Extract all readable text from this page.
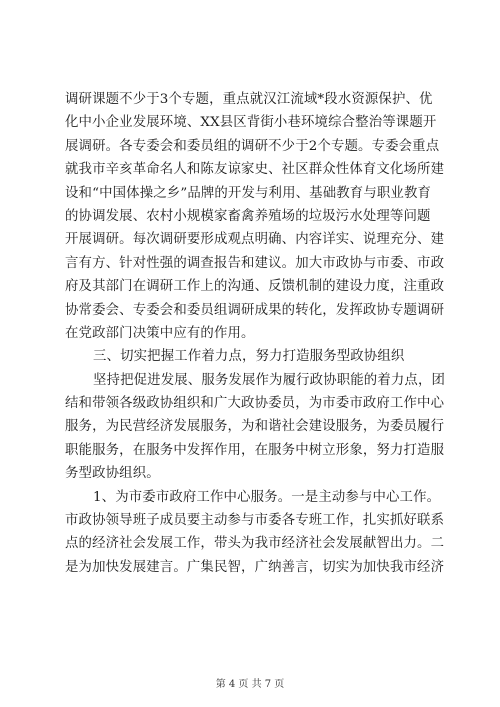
调研课题不少于3个专题，重点就汉江流域*段水资源保护、优
化中小企业发展环境、XX县区背街小巷环境综合整治等课题开
展调研。各专委会和委员组的调研不少于2个专题。专委会重点
就我市辛亥革命名人和陈友谅家史、社区群众性体育文化场所建
设和“中国体操之乡”品牌的开发与利用、基础教育与职业教育
的协调发展、农村小规模家畜禽养殖场的垃圾污水处理等问题
开展调研。每次调研要形成观点明确、内容详实、说理充分、建
言有方、针对性强的调查报告和建议。加大市政协与市委、市政
府及其部门在调研工作上的沟通、反馈机制的建设力度，注重政
协常委会、专委会和委员组调研成果的转化，发挥政协专题调研
在党政部门决策中应有的作用。
三、切实把握工作着力点，努力打造服务型政协组织
坚持把促进发展、服务发展作为履行政协职能的着力点，团
结和带领各级政协组织和广大政协委员，为市委市政府工作中心
服务，为民营经济发展服务，为和谐社会建设服务，为委员履行
职能服务，在服务中发挥作用，在服务中树立形象，努力打造服
务型政协组织。
1、为市委市政府工作中心服务。一是主动参与中心工作。
市政协领导班子成员要主动参与市委各专班工作，扎实抓好联系
点的经济社会发展工作，带头为我市经济社会发展献智出力。二
是为加快发展建言。广集民智，广纳善言，切实为加快我市经济
第 4 页 共 7 页
